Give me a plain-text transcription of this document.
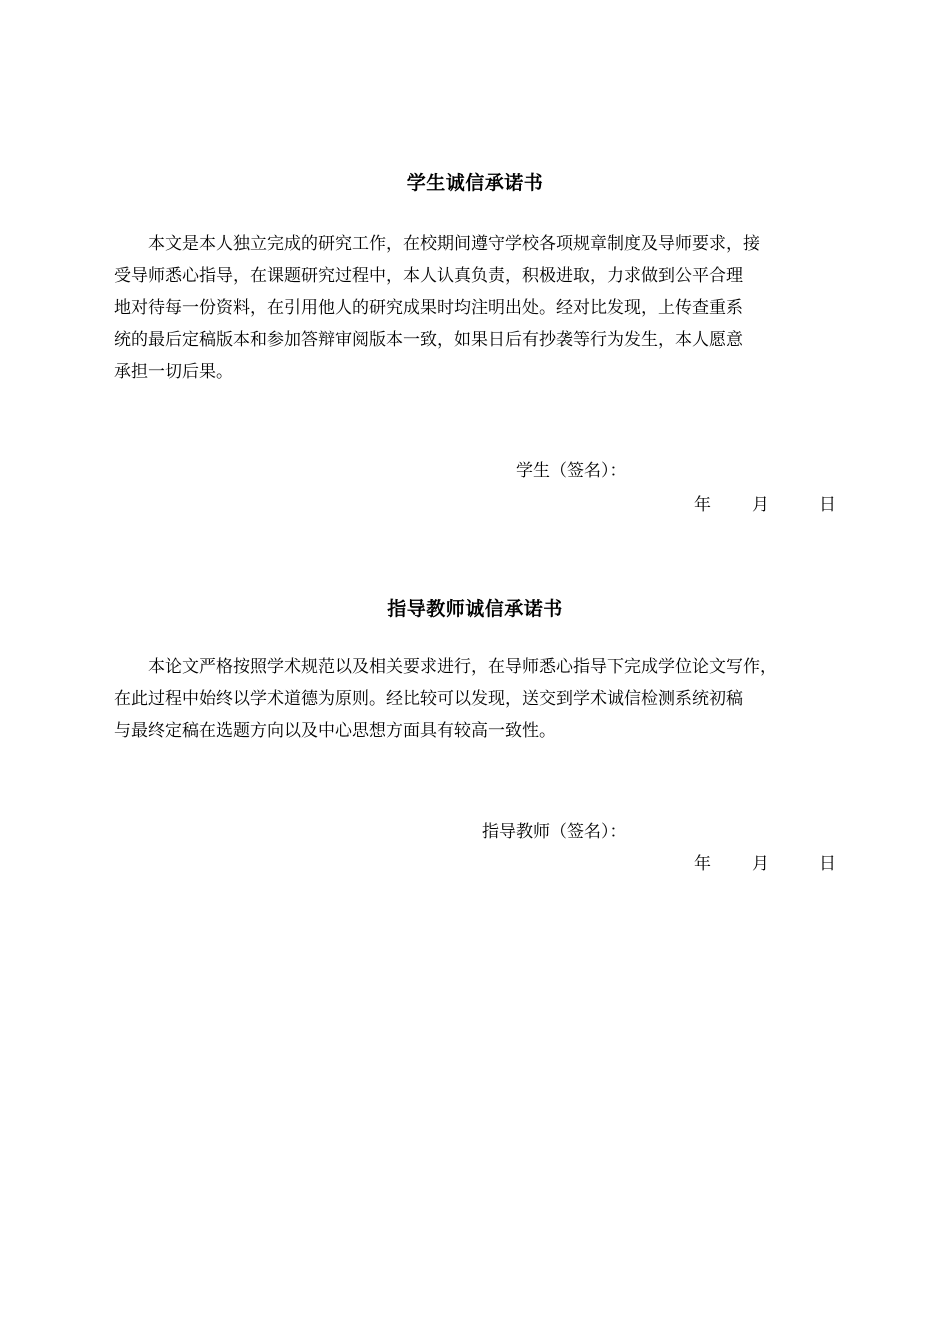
学生诚信承诺书
本文是本人独立完成的研究工作，在校期间遵守学校各项规章制度及导师要求，接
受导师悉心指导，在课题研究过程中，本人认真负责，积极进取，力求做到公平合理
地对待每一份资料，在引用他人的研究成果时均注明出处。经对比发现，上传查重系
统的最后定稿版本和参加答辩审阅版本一致，如果日后有抄袭等行为发生，本人愿意
承担一切后果。
学生（签名）：
年 月	日
指导教师诚信承诺书
本论文严格按照学术规范以及相关要求进行，在导师悉心指导下完成学位论文写作，
在此过程中始终以学术道德为原则。经比较可以发现，送交到学术诚信检测系统初稿
与最终定稿在选题方向以及中心思想方面具有较高一致性。
指导教师（签名）：
年 月	日
